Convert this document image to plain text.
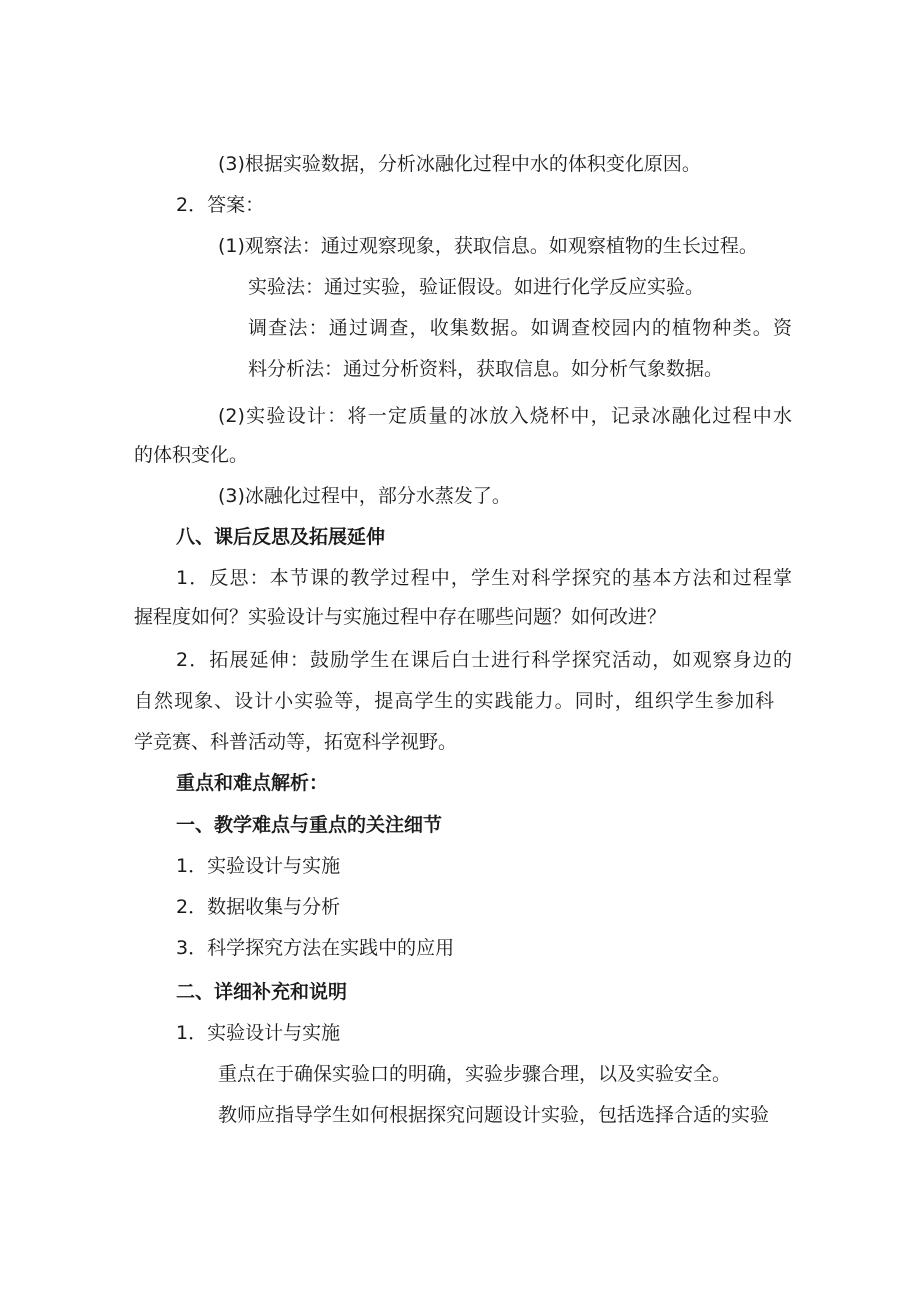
(3)根据实验数据，分析冰融化过程中水的体积变化原因。
2．答案：
(1)观察法：通过观察现象，获取信息。如观察植物的生长过程。
实验法：通过实验，验证假设。如进行化学反应实验。
调查法：通过调查，收集数据。如调查校园内的植物种类。资
料分析法：通过分析资料，获取信息。如分析气象数据。
(2)实验设计：将一定质量的冰放入烧杯中，记录冰融化过程中水
的体积变化。
(3)冰融化过程中，部分水蒸发了。
八、课后反思及拓展延伸
1．反思：本节课的教学过程中，学生对科学探究的基本方法和过程掌
握程度如何？实验设计与实施过程中存在哪些问题？如何改进？
2．拓展延伸：鼓励学生在课后白士进行科学探究活动，如观察身边的
自然现象、设计小实验等，提高学生的实践能力。同时，组织学生参加科
学竞赛、科普活动等，拓宽科学视野。
重点和难点解析：
一、教学难点与重点的关注细节
1．实验设计与实施
2．数据收集与分析
3．科学探究方法在实践中的应用
二、详细补充和说明
1．实验设计与实施
重点在于确保实验口的明确，实验步骤合理，以及实验安全。
教师应指导学生如何根据探究问题设计实验，包括选择合适的实验
